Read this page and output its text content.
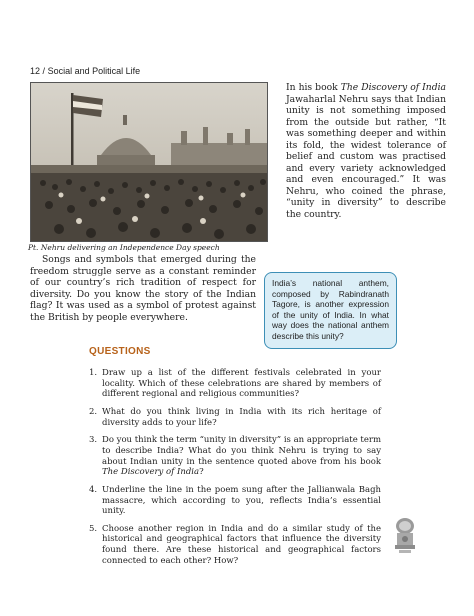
12 / Social and Political Life
Pt. Nehru delivering an Independence Day speech
In his book The Discovery of India Jawaharlal Nehru says that Indian unity is not something imposed from the outside but rather, “It was something deeper and within its fold, the widest tolerance of belief and custom was practised and every variety acknowledged and even encouraged.” It was Nehru, who coined the phrase, “unity in diversity” to describe the country.
Songs and symbols that emerged during the freedom struggle serve as a constant reminder of our country’s rich tradition of respect for diversity. Do you know the story of the Indian flag? It was used as a symbol of protest against the British by people everywhere.
India’s national anthem, composed by Rabindranath Tagore, is another expression of the unity of India. In what way does the national anthem describe this unity?
QUESTIONS
1. Draw up a list of the different festivals celebrated in your locality. Which of these celebrations are shared by members of different regional and religious communities?
2. What do you think living in India with its rich heritage of diversity adds to your life?
3. Do you think the term “unity in diversity” is an appropriate term to describe India? What do you think Nehru is trying to say about Indian unity in the sentence quoted above from his book The Discovery of India?
4. Underline the line in the poem sung after the Jallianwala Bagh massacre, which according to you, reflects India’s essential unity.
5. Choose another region in India and do a similar study of the historical and geographical factors that influence the diversity found there. Are these historical and geographical factors connected to each other? How?
